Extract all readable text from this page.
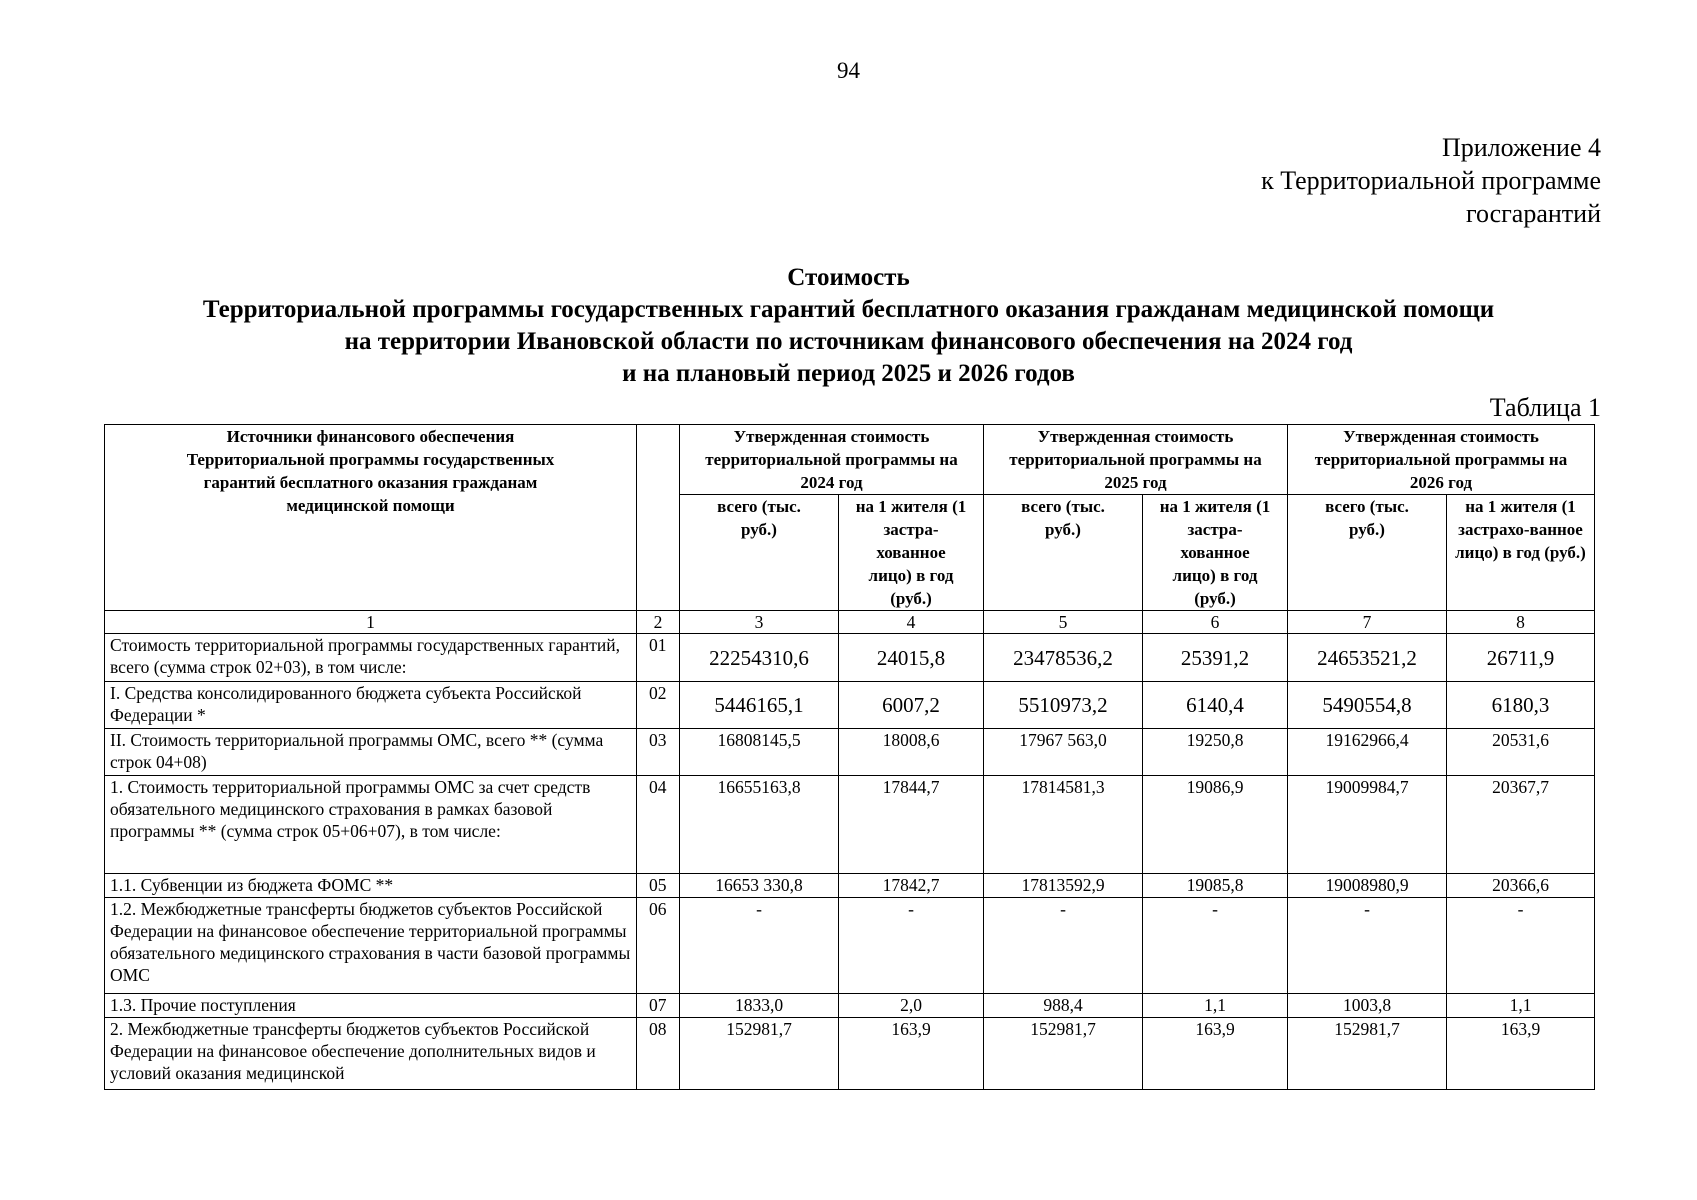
94
Приложение 4
к Территориальной программе
госгарантий
Стоимость
Территориальной программы государственных гарантий бесплатного оказания гражданам медицинской помощи
на территории Ивановской области по источникам финансового обеспечения на 2024 год
и на плановый период 2025 и 2026 годов
Таблица 1
Источники финансового обеспечения Территориальной программы государственных гарантий бесплатного оказания гражданам медицинской помощи		Утвержденная стоимость территориальной программы на 2024 год		Утвержденная стоимость территориальной программы на 2025 год		Утвержденная стоимость территориальной программы на 2026 год	
		всего (тыс. руб.)	на 1 жителя (1 застра-хованное лицо) в год (руб.)	всего (тыс. руб.)	на 1 жителя (1 застра-хованное лицо) в год (руб.)	всего (тыс. руб.)	на 1 жителя (1 застрахо-ванное лицо) в год (руб.)
1	2	3	4	5	6	7	8
Стоимость территориальной программы государственных гарантий, всего (сумма строк 02+03), в том числе:	01	22254310,6	24015,8	23478536,2	25391,2	24653521,2	26711,9
I. Средства консолидированного бюджета субъекта Российской Федерации *	02	5446165,1	6007,2	5510973,2	6140,4	5490554,8	6180,3
II. Стоимость территориальной программы ОМС, всего ** (сумма строк 04+08)	03	16808145,5	18008,6	17967 563,0	19250,8	19162966,4	20531,6
1. Стоимость территориальной программы ОМС за счет средств обязательного медицинского страхования в рамках базовой программы ** (сумма строк 05+06+07), в том числе:	04	16655163,8	17844,7	17814581,3	19086,9	19009984,7	20367,7
1.1. Субвенции из бюджета ФОМС **	05	16653 330,8	17842,7	17813592,9	19085,8	19008980,9	20366,6
1.2. Межбюджетные трансферты бюджетов субъектов Российской Федерации на финансовое обеспечение территориальной программы обязательного медицинского страхования в части базовой программы ОМС	06	-	-	-	-	-	-
1.3. Прочие поступления	07	1833,0	2,0	988,4	1,1	1003,8	1,1
2. Межбюджетные трансферты бюджетов субъектов Российской Федерации на финансовое обеспечение дополнительных видов и условий оказания медицинской	08	152981,7	163,9	152981,7	163,9	152981,7	163,9
